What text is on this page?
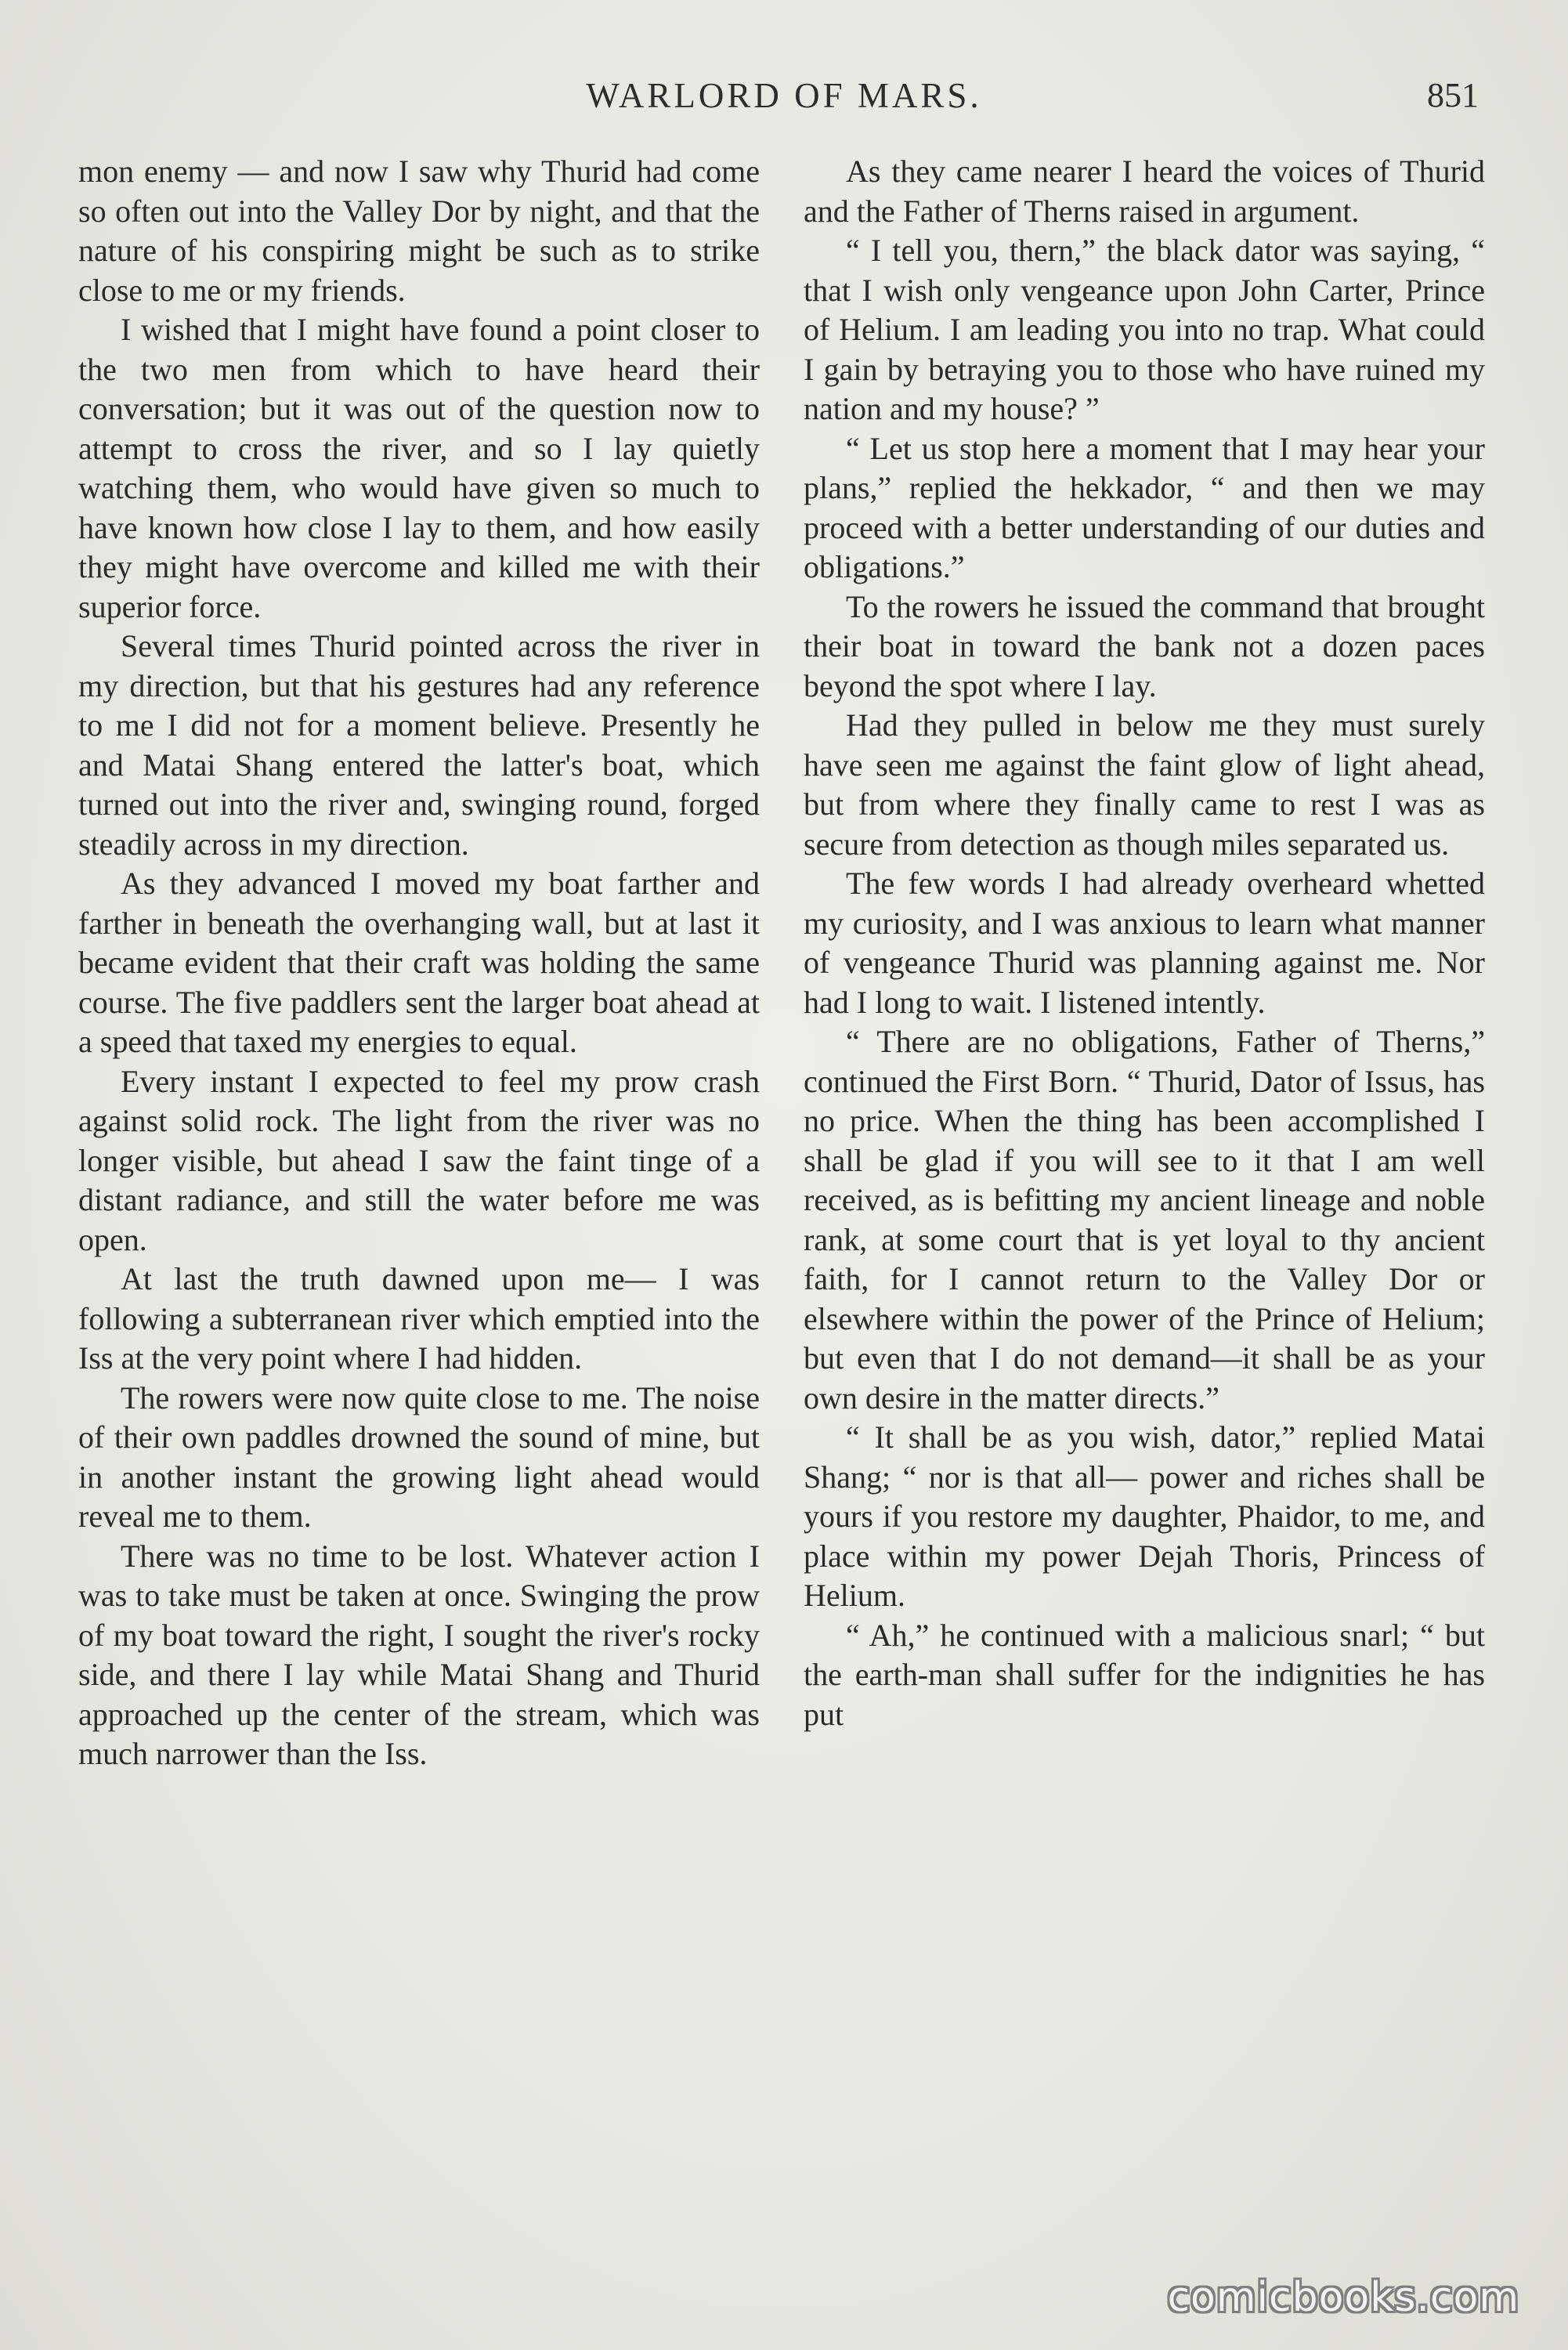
WARLORD OF MARS.	851

mon enemy — and now I saw why Thurid had come so often out into the Valley Dor by night, and that the nature of his conspiring might be such as to strike close to me or my friends.

I wished that I might have found a point closer to the two men from which to have heard their conversation; but it was out of the question now to attempt to cross the river, and so I lay quietly watching them, who would have given so much to have known how close I lay to them, and how easily they might have overcome and killed me with their superior force.

Several times Thurid pointed across the river in my direction, but that his gestures had any reference to me I did not for a moment believe. Presently he and Matai Shang entered the latter's boat, which turned out into the river and, swinging round, forged steadily across in my direction.

As they advanced I moved my boat farther and farther in beneath the overhanging wall, but at last it became evident that their craft was holding the same course. The five paddlers sent the larger boat ahead at a speed that taxed my energies to equal.

Every instant I expected to feel my prow crash against solid rock. The light from the river was no longer visible, but ahead I saw the faint tinge of a distant radiance, and still the water before me was open.

At last the truth dawned upon me— I was following a subterranean river which emptied into the Iss at the very point where I had hidden.

The rowers were now quite close to me. The noise of their own paddles drowned the sound of mine, but in another instant the growing light ahead would reveal me to them.

There was no time to be lost. Whatever action I was to take must be taken at once. Swinging the prow of my boat toward the right, I sought the river's rocky side, and there I lay while Matai Shang and Thurid approached up the center of the stream, which was much narrower than the Iss.

As they came nearer I heard the voices of Thurid and the Father of Therns raised in argument.

“ I tell you, thern,” the black dator was saying, “ that I wish only vengeance upon John Carter, Prince of Helium. I am leading you into no trap. What could I gain by betraying you to those who have ruined my nation and my house? ”

“ Let us stop here a moment that I may hear your plans,” replied the hekkador, “ and then we may proceed with a better understanding of our duties and obligations.”

To the rowers he issued the command that brought their boat in toward the bank not a dozen paces beyond the spot where I lay.

Had they pulled in below me they must surely have seen me against the faint glow of light ahead, but from where they finally came to rest I was as secure from detection as though miles separated us.

The few words I had already overheard whetted my curiosity, and I was anxious to learn what manner of vengeance Thurid was planning against me. Nor had I long to wait. I listened intently.

“ There are no obligations, Father of Therns,” continued the First Born. “ Thurid, Dator of Issus, has no price. When the thing has been accomplished I shall be glad if you will see to it that I am well received, as is befitting my ancient lineage and noble rank, at some court that is yet loyal to thy ancient faith, for I cannot return to the Valley Dor or elsewhere within the power of the Prince of Helium; but even that I do not demand—it shall be as your own desire in the matter directs.”

“ It shall be as you wish, dator,” replied Matai Shang; “ nor is that all— power and riches shall be yours if you restore my daughter, Phaidor, to me, and place within my power Dejah Thoris, Princess of Helium.

“ Ah,” he continued with a malicious snarl; “ but the earth-man shall suffer for the indignities he has put

comicbooks.com
